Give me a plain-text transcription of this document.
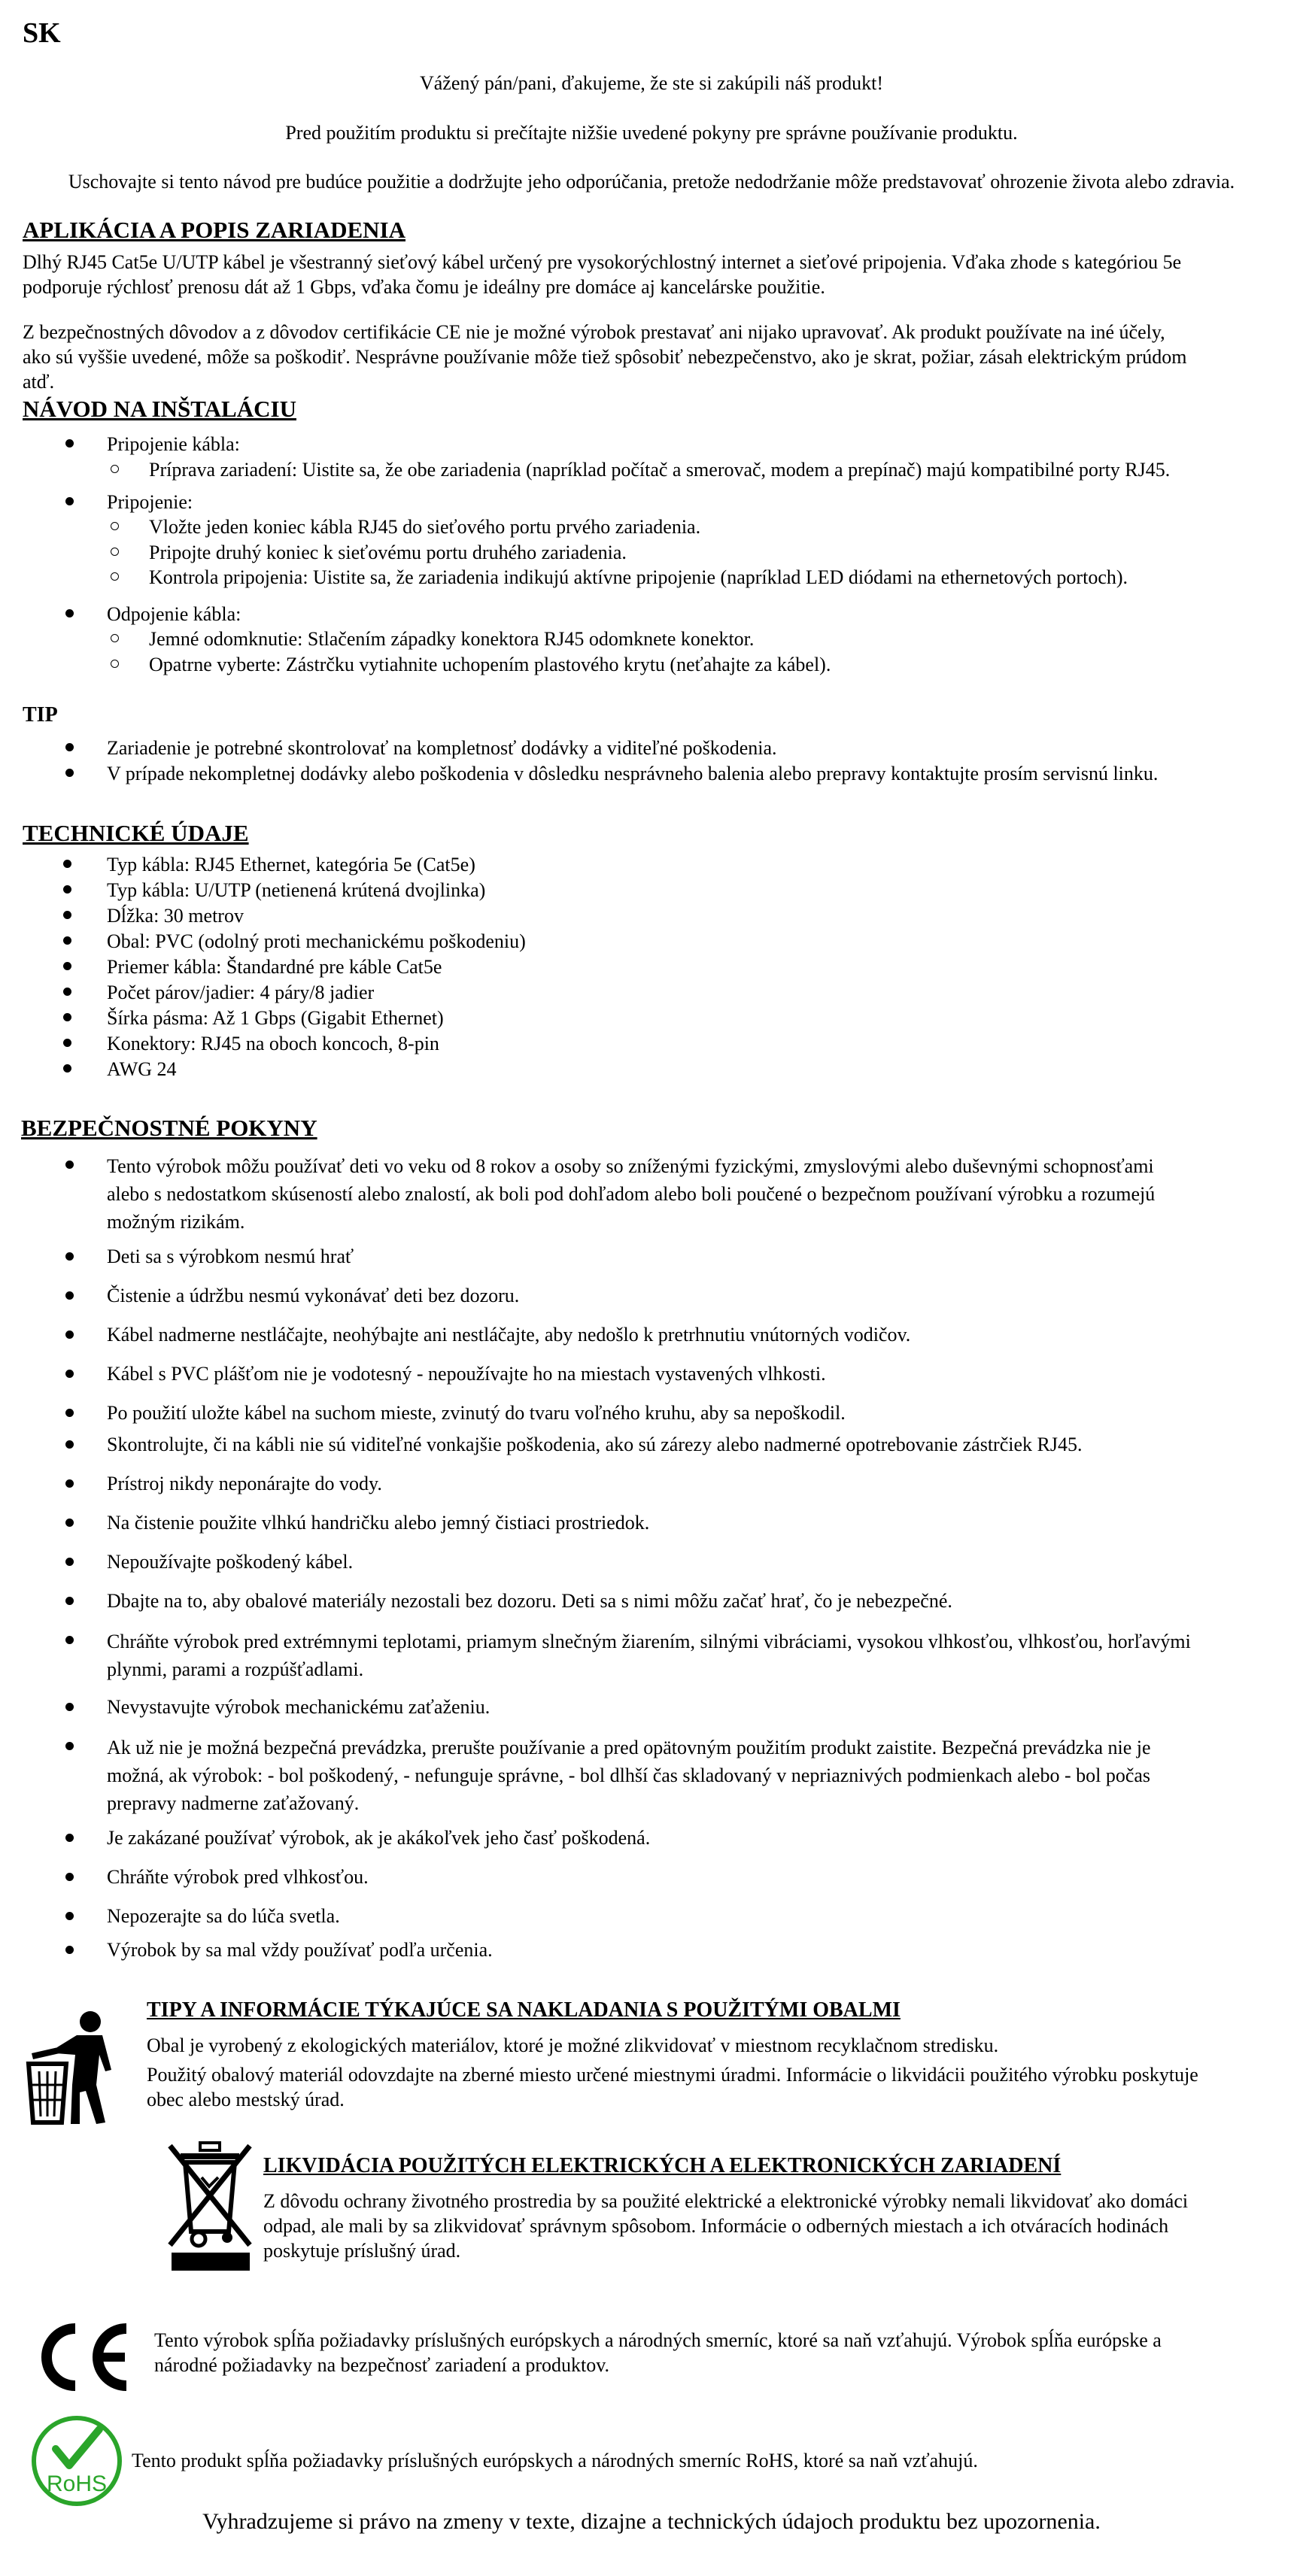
SK
Vážený pán/pani, ďakujeme, že ste si zakúpili náš produkt!
Pred použitím produktu si prečítajte nižšie uvedené pokyny pre správne používanie produktu.
Uschovajte si tento návod pre budúce použitie a dodržujte jeho odporúčania, pretože nedodržanie môže predstavovať ohrozenie života alebo zdravia.
APLIKÁCIA A POPIS ZARIADENIA
Dlhý RJ45 Cat5e U/UTP kábel je všestranný sieťový kábel určený pre vysokorýchlostný internet a sieťové pripojenia. Vďaka zhode s kategóriou 5e
podporuje rýchlosť prenosu dát až 1 Gbps, vďaka čomu je ideálny pre domáce aj kancelárske použitie.
Z bezpečnostných dôvodov a z dôvodov certifikácie CE nie je možné výrobok prestavať ani nijako upravovať. Ak produkt používate na iné účely,
ako sú vyššie uvedené, môže sa poškodiť. Nesprávne používanie môže tiež spôsobiť nebezpečenstvo, ako je skrat, požiar, zásah elektrickým prúdom
atď.
NÁVOD NA INŠTALÁCIU
Pripojenie kábla:
Príprava zariadení: Uistite sa, že obe zariadenia (napríklad počítač a smerovač, modem a prepínač) majú kompatibilné porty RJ45.
Pripojenie:
Vložte jeden koniec kábla RJ45 do sieťového portu prvého zariadenia.
Pripojte druhý koniec k sieťovému portu druhého zariadenia.
Kontrola pripojenia: Uistite sa, že zariadenia indikujú aktívne pripojenie (napríklad LED diódami na ethernetových portoch).
Odpojenie kábla:
Jemné odomknutie: Stlačením západky konektora RJ45 odomknete konektor.
Opatrne vyberte: Zástrčku vytiahnite uchopením plastového krytu (neťahajte za kábel).
TIP
Zariadenie je potrebné skontrolovať na kompletnosť dodávky a viditeľné poškodenia.
V prípade nekompletnej dodávky alebo poškodenia v dôsledku nesprávneho balenia alebo prepravy kontaktujte prosím servisnú linku.
TECHNICKÉ ÚDAJE
Typ kábla: RJ45 Ethernet, kategória 5e (Cat5e)
Typ kábla: U/UTP (netienená krútená dvojlinka)
Dĺžka: 30 metrov
Obal: PVC (odolný proti mechanickému poškodeniu)
Priemer kábla: Štandardné pre káble Cat5e
Počet párov/jadier: 4 páry/8 jadier
Šírka pásma: Až 1 Gbps (Gigabit Ethernet)
Konektory: RJ45 na oboch koncoch, 8-pin
AWG 24
BEZPEČNOSTNÉ POKYNY
Tento výrobok môžu používať deti vo veku od 8 rokov a osoby so zníženými fyzickými, zmyslovými alebo duševnými schopnosťami
alebo s nedostatkom skúseností alebo znalostí, ak boli pod dohľadom alebo boli poučené o bezpečnom používaní výrobku a rozumejú
možným rizikám.
Deti sa s výrobkom nesmú hrať
Čistenie a údržbu nesmú vykonávať deti bez dozoru.
Kábel nadmerne nestláčajte, neohýbajte ani nestláčajte, aby nedošlo k pretrhnutiu vnútorných vodičov.
Kábel s PVC plášťom nie je vodotesný - nepoužívajte ho na miestach vystavených vlhkosti.
Po použití uložte kábel na suchom mieste, zvinutý do tvaru voľného kruhu, aby sa nepoškodil.
Skontrolujte, či na kábli nie sú viditeľné vonkajšie poškodenia, ako sú zárezy alebo nadmerné opotrebovanie zástrčiek RJ45.
Prístroj nikdy neponárajte do vody.
Na čistenie použite vlhkú handričku alebo jemný čistiaci prostriedok.
Nepoužívajte poškodený kábel.
Dbajte na to, aby obalové materiály nezostali bez dozoru. Deti sa s nimi môžu začať hrať, čo je nebezpečné.
Chráňte výrobok pred extrémnymi teplotami, priamym slnečným žiarením, silnými vibráciami, vysokou vlhkosťou, vlhkosťou, horľavými
plynmi, parami a rozpúšťadlami.
Nevystavujte výrobok mechanickému zaťaženiu.
Ak už nie je možná bezpečná prevádzka, prerušte používanie a pred opätovným použitím produkt zaistite. Bezpečná prevádzka nie je
možná, ak výrobok: - bol poškodený, - nefunguje správne, - bol dlhší čas skladovaný v nepriaznivých podmienkach alebo - bol počas
prepravy nadmerne zaťažovaný.
Je zakázané používať výrobok, ak je akákoľvek jeho časť poškodená.
Chráňte výrobok pred vlhkosťou.
Nepozerajte sa do lúča svetla.
Výrobok by sa mal vždy používať podľa určenia.
TIPY A INFORMÁCIE TÝKAJÚCE SA NAKLADANIA S POUŽITÝMI OBALMI
Obal je vyrobený z ekologických materiálov, ktoré je možné zlikvidovať v miestnom recyklačnom stredisku.
Použitý obalový materiál odovzdajte na zberné miesto určené miestnymi úradmi. Informácie o likvidácii použitého výrobku poskytuje
obec alebo mestský úrad.
LIKVIDÁCIA POUŽITÝCH ELEKTRICKÝCH A ELEKTRONICKÝCH ZARIADENÍ
Z dôvodu ochrany životného prostredia by sa použité elektrické a elektronické výrobky nemali likvidovať ako domáci
odpad, ale mali by sa zlikvidovať správnym spôsobom. Informácie o odberných miestach a ich otváracích hodinách
poskytuje príslušný úrad.
Tento výrobok spĺňa požiadavky príslušných európskych a národných smerníc, ktoré sa naň vzťahujú. Výrobok spĺňa európske a
národné požiadavky na bezpečnosť zariadení a produktov.
RoHS
Tento produkt spĺňa požiadavky príslušných európskych a národných smerníc RoHS, ktoré sa naň vzťahujú.
Vyhradzujeme si právo na zmeny v texte, dizajne a technických údajoch produktu bez upozornenia.
